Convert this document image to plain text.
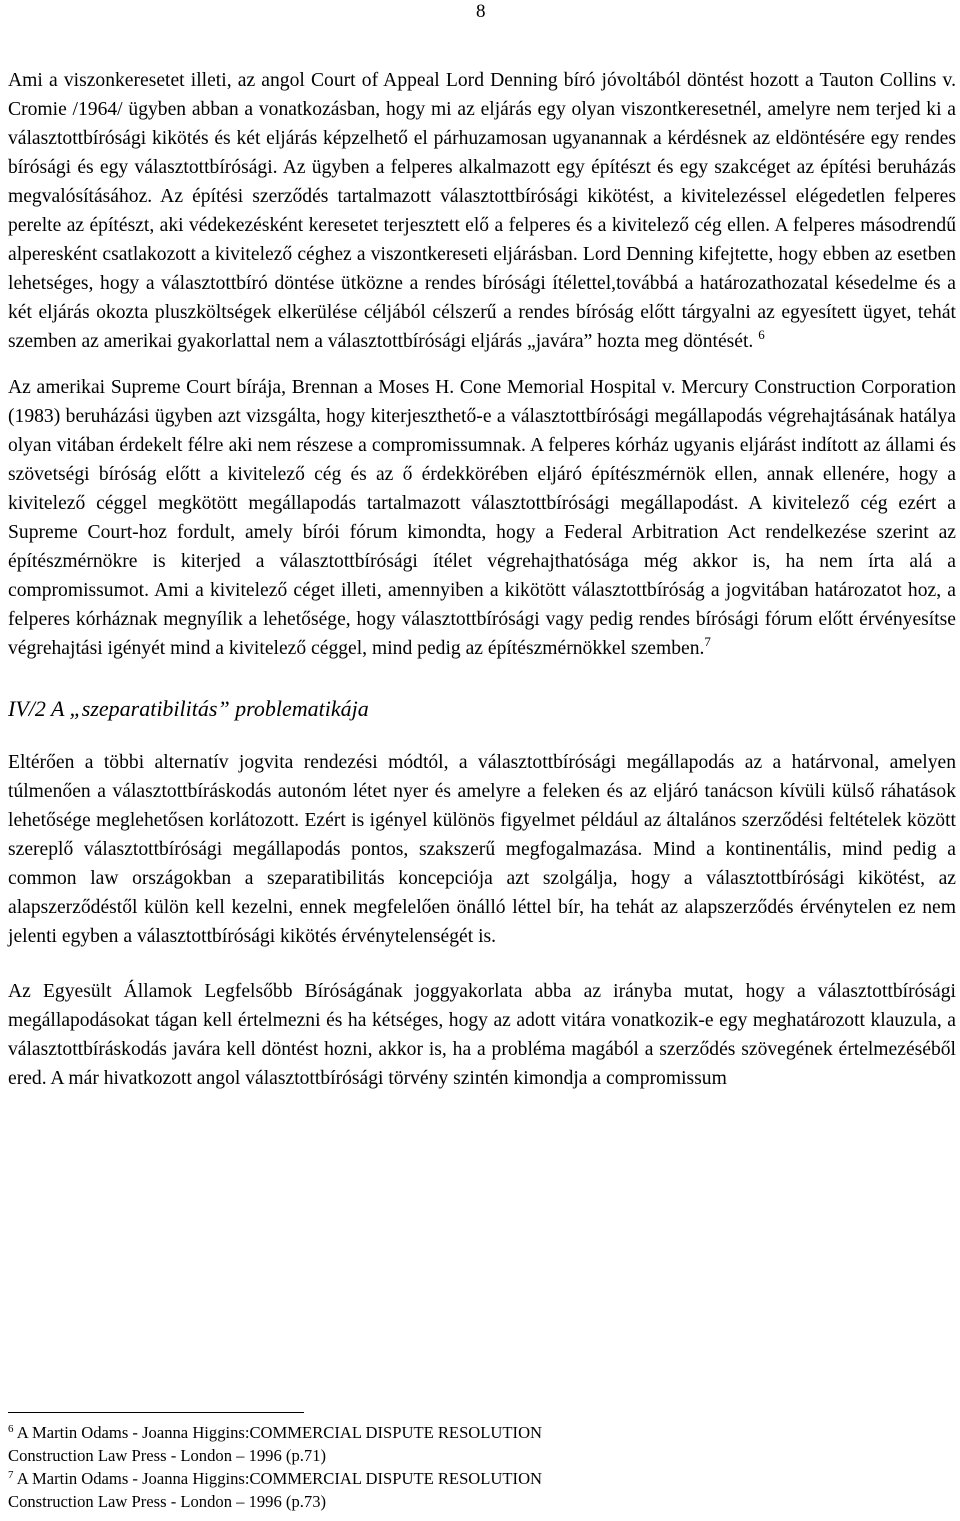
8

Ami a viszonkeresetet illeti, az angol Court of Appeal Lord Denning bíró jóvoltából döntést hozott a Tauton Collins v. Cromie /1964/ ügyben abban a vonatkozásban, hogy mi az eljárás egy olyan viszontkeresetnél, amelyre nem terjed ki a választottbírósági kikötés és két eljárás képzelhető el párhuzamosan ugyanannak a kérdésnek az eldöntésére egy rendes bírósági és egy választottbírósági. Az ügyben a felperes alkalmazott egy építészt és egy szakcéget az építési beruházás megvalósításához. Az építési szerződés tartalmazott választottbírósági kikötést, a kivitelezéssel elégedetlen felperes perelte az építészt, aki védekezésként keresetet terjesztett elő a felperes és a kivitelező cég ellen. A felperes másodrendű alperesként csatlakozott a kivitelező céghez a viszontkereseti eljárásban. Lord Denning kifejtette, hogy ebben az esetben lehetséges, hogy a választottbíró döntése ütközne a rendes bírósági ítélettel,továbbá a határozathozatal késedelme és a két eljárás okozta pluszköltségek elkerülése céljából célszerű a rendes bíróság előtt tárgyalni az egyesített ügyet, tehát szemben az amerikai gyakorlattal nem a választottbírósági eljárás „javára” hozta meg döntését. $^6$

Az amerikai Supreme Court bírája, Brennan a Moses H. Cone Memorial Hospital v. Mercury Construction Corporation (1983) beruházási ügyben azt vizsgálta, hogy kiterjeszthető-e a választottbírósági megállapodás végrehajtásának hatálya olyan vitában érdekelt félre aki nem részese a compromissumnak. A felperes kórház ugyanis eljárást indított az állami és szövetségi bíróság előtt a kivitelező cég és az ő érdekkörében eljáró építészmérnök ellen, annak ellenére, hogy a kivitelező céggel megkötött megállapodás tartalmazott választottbírósági megállapodást. A kivitelező cég ezért a Supreme Court-hoz fordult, amely bírói fórum kimondta, hogy a Federal Arbitration Act rendelkezése szerint az építészmérnökre is kiterjed a választottbírósági ítélet végrehajthatósága még akkor is, ha nem írta alá a compromissumot. Ami a kivitelező céget illeti, amennyiben a kikötött választottbíróság a jogvitában határozatot hoz, a felperes kórháznak megnyílik a lehetősége, hogy választottbírósági vagy pedig rendes bírósági fórum előtt érvényesítse végrehajtási igényét mind a kivitelező céggel, mind pedig az építészmérnökkel szemben.$^7$

IV/2 A „szeparatibilitás” problematikája

Eltérően a többi alternatív jogvita rendezési módtól, a választottbírósági megállapodás az a határvonal, amelyen túlmenően a választottbíráskodás autonóm létet nyer és amelyre a feleken és az eljáró tanácson kívüli külső ráhatások lehetősége meglehetősen korlátozott. Ezért is igényel különös figyelmet például az általános szerződési feltételek között szereplő választottbírósági megállapodás pontos, szakszerű megfogalmazása. Mind a kontinentális, mind pedig a common law országokban a szeparatibilitás koncepciója azt szolgálja, hogy a választottbírósági kikötést, az alapszerződéstől külön kell kezelni, ennek megfelelően önálló léttel bír, ha tehát az alapszerződés érvénytelen ez nem jelenti egyben a választottbírósági kikötés érvénytelenségét is.

Az Egyesült Államok Legfelsőbb Bíróságának joggyakorlata abba az irányba mutat, hogy a választottbírósági megállapodásokat tágan kell értelmezni és ha kétséges, hogy az adott vitára vonatkozik-e egy meghatározott klauzula, a választottbíráskodás javára kell döntést hozni, akkor is, ha a probléma magából a szerződés szövegének értelmezéséből ered. A már hivatkozott angol választottbírósági törvény szintén kimondja a compromissum

$^6$ A Martin Odams - Joanna Higgins:COMMERCIAL DISPUTE RESOLUTION
Construction Law Press - London – 1996 (p.71)

$^7$ A Martin Odams - Joanna Higgins:COMMERCIAL DISPUTE RESOLUTION
Construction Law Press - London – 1996 (p.73)
